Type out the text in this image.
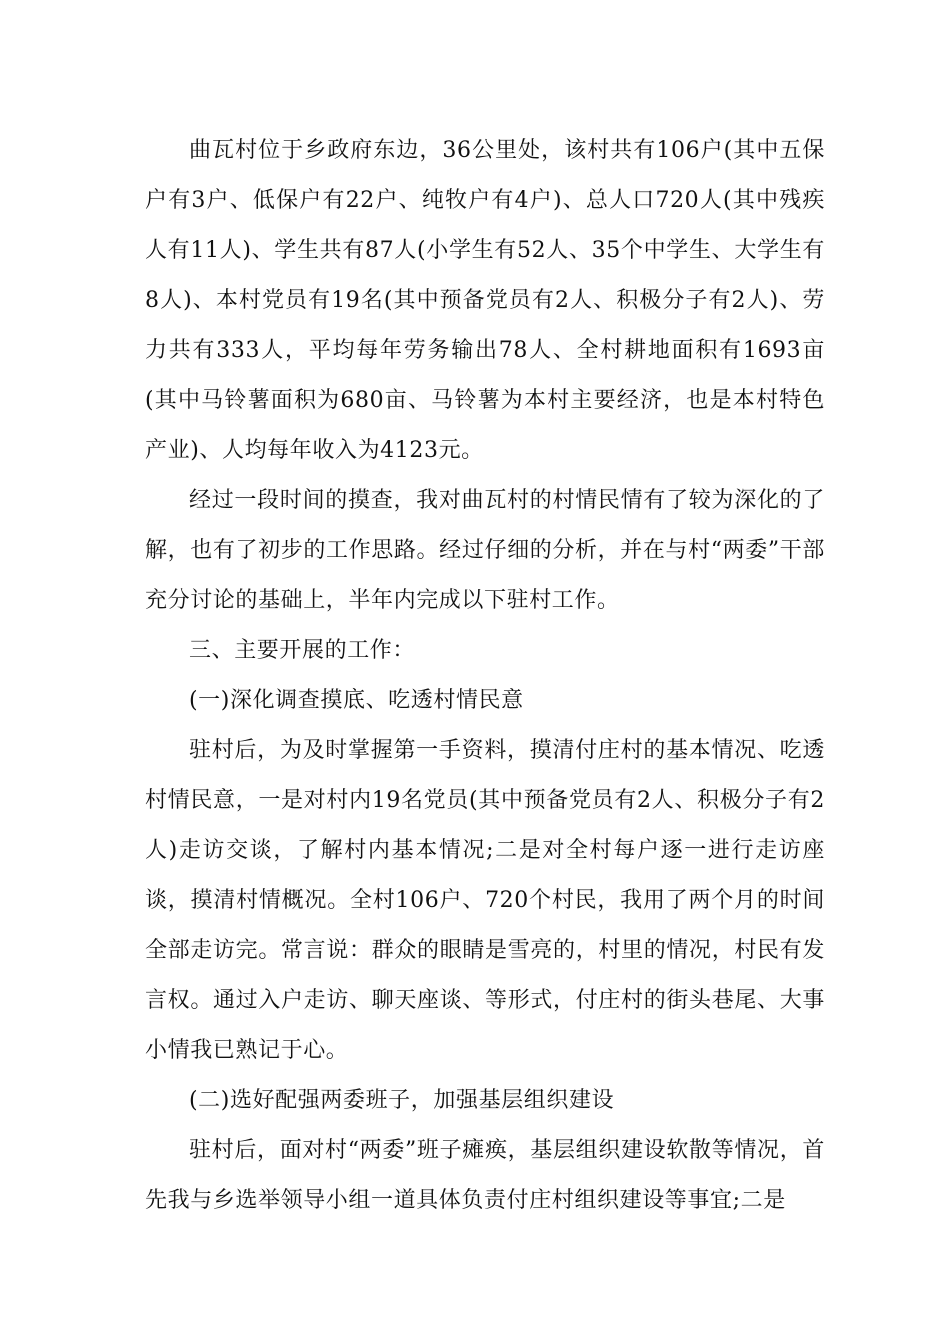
曲瓦村位于乡政府东边，36公里处，该村共有106户(其中五保户有3户、低保户有22户、纯牧户有4户)、总人口720人(其中残疾人有11人)、学生共有87人(小学生有52人、35个中学生、大学生有8人)、本村党员有19名(其中预备党员有2人、积极分子有2人)、劳力共有333人，平均每年劳务输出78人、全村耕地面积有1693亩(其中马铃薯面积为680亩、马铃薯为本村主要经济，也是本村特色产业)、人均每年收入为4123元。

经过一段时间的摸查，我对曲瓦村的村情民情有了较为深化的了解，也有了初步的工作思路。经过仔细的分析，并在与村“两委”干部充分讨论的基础上，半年内完成以下驻村工作。

三、主要开展的工作：

(一)深化调查摸底、吃透村情民意

驻村后，为及时掌握第一手资料，摸清付庄村的基本情况、吃透村情民意，一是对村内19名党员(其中预备党员有2人、积极分子有2人)走访交谈，了解村内基本情况;二是对全村每户逐一进行走访座谈，摸清村情概况。全村106户、720个村民，我用了两个月的时间全部走访完。常言说：群众的眼睛是雪亮的，村里的情况，村民有发言权。通过入户走访、聊天座谈、等形式，付庄村的街头巷尾、大事小情我已熟记于心。

(二)选好配强两委班子，加强基层组织建设

驻村后，面对村“两委”班子瘫痪，基层组织建设软散等情况，首先我与乡选举领导小组一道具体负责付庄村组织建设等事宜;二是
